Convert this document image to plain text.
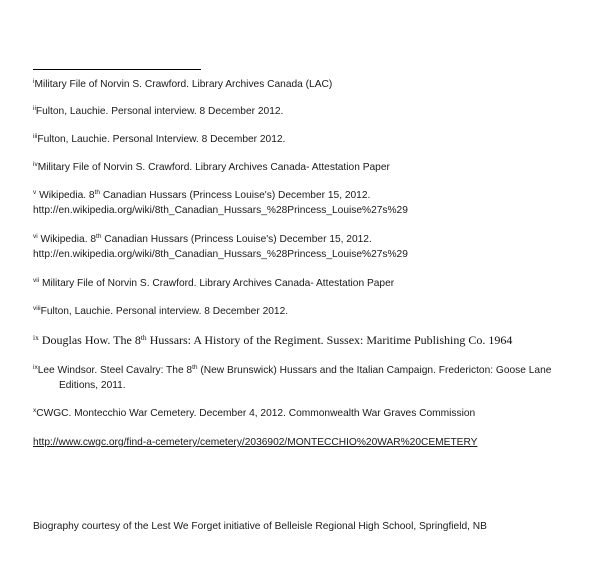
$^i$Military File of Norvin S. Crawford. Library Archives Canada (LAC)
$^{ii}$Fulton, Lauchie. Personal interview. 8 December 2012.
$^{iii}$Fulton, Lauchie. Personal Interview. 8 December 2012.
$^{iv}$Military File of Norvin S. Crawford. Library Archives Canada- Attestation Paper
$^v$ Wikipedia. 8th Canadian Hussars (Princess Louise's) December 15, 2012.
http://en.wikipedia.org/wiki/8th_Canadian_Hussars_%28Princess_Louise%27s%29
$^{vi}$ Wikipedia. 8th Canadian Hussars (Princess Louise's) December 15, 2012.
http://en.wikipedia.org/wiki/8th_Canadian_Hussars_%28Princess_Louise%27s%29
$^{vii}$ Military File of Norvin S. Crawford. Library Archives Canada- Attestation Paper
$^{viii}$Fulton, Lauchie. Personal interview. 8 December 2012.
$^{ix}$ Douglas How. The 8th Hussars: A History of the Regiment. Sussex: Maritime Publishing Co. 1964
$^{ix}$Lee Windsor. Steel Cavalry: The 8th (New Brunswick) Hussars and the Italian Campaign. Fredericton: Goose Lane
Editions, 2011.
$^x$CWGC. Montecchio War Cemetery. December 4, 2012. Commonwealth War Graves Commission
http://www.cwgc.org/find-a-cemetery/cemetery/2036902/MONTECCHIO%20WAR%20CEMETERY
Biography courtesy of the Lest We Forget initiative of Belleisle Regional High School, Springfield, NB
